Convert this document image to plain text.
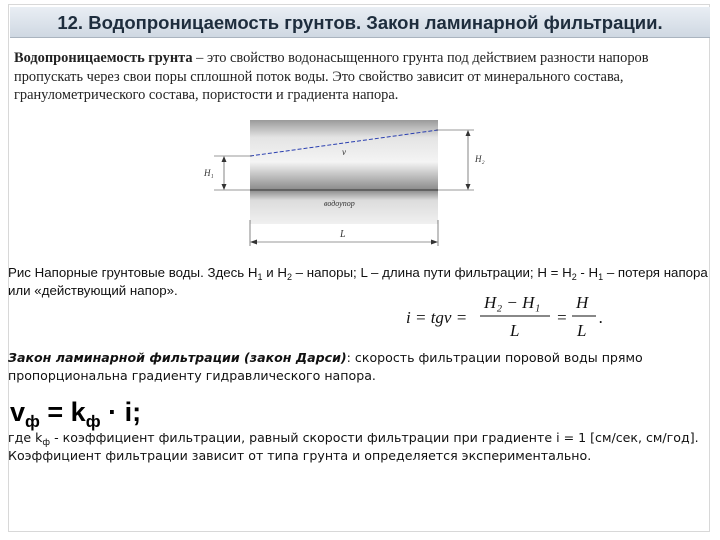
12. Водопроницаемость грунтов. Закон ламинарной фильтрации.
Водопроницаемость грунта – это свойство водонасыщенного грунта под действием разности напоров пропускать через свои поры сплошной поток воды. Это свойство зависит от минерального состава, гранулометрического состава, пористости и градиента напора.
H₁
H₂
v
водоупор
L
Рис Напорные грунтовые воды. Здесь $H_1$ и $H_2$ – напоры; L – длина пути фильтрации; $H = H_2 - H_1$ – потеря напора или «действующий напор».
i = tgv =
H₂ − H₁
L
=
H
L
.
Закон ламинарной фильтрации (закон Дарси): скорость фильтрации поровой воды прямо пропорциональна градиенту гидравлического напора.
$v_ф = k_ф \cdot i$;
где $k_ф$ - коэффициент фильтрации, равный скорости фильтрации при градиенте i = 1 [см/сек, см/год]. Коэффициент фильтрации зависит от типа грунта и определяется экспериментально.
